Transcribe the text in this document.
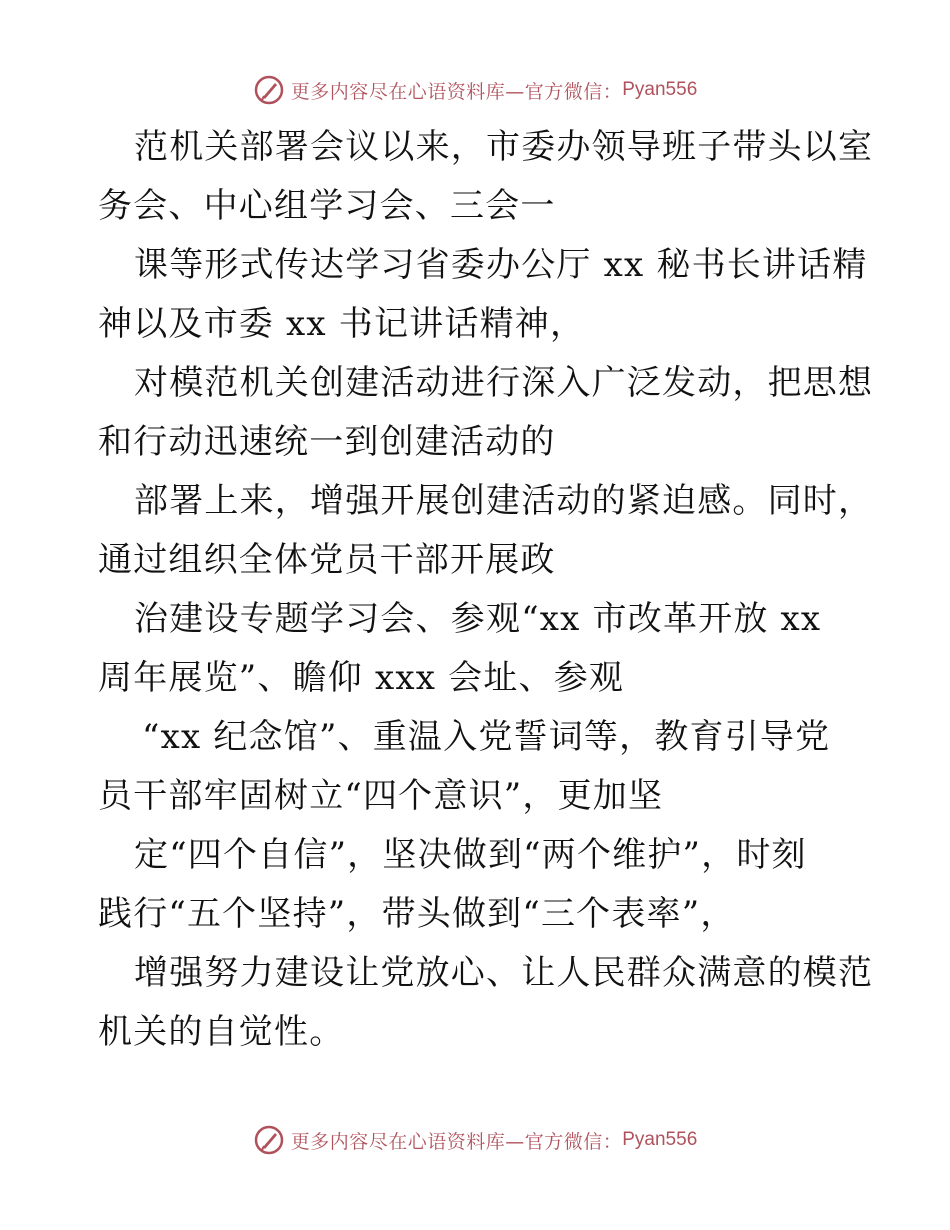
更多内容尽在心语资料库—官方微信： Pyan556
范机关部署会议以来，市委办领导班子带头以室
务会、中心组学习会、三会一
课等形式传达学习省委办公厅 xx 秘书长讲话精
神以及市委 xx 书记讲话精神，
对模范机关创建活动进行深入广泛发动，把思想
和行动迅速统一到创建活动的
部署上来，增强开展创建活动的紧迫感。同时，
通过组织全体党员干部开展政
治建设专题学习会、参观“xx 市改革开放 xx
周年展览”、瞻仰 xxx 会址、参观
“xx 纪念馆”、重温入党誓词等，教育引导党
员干部牢固树立“四个意识”，更加坚
定“四个自信”，坚决做到“两个维护”，时刻
践行“五个坚持”，带头做到“三个表率”，
增强努力建设让党放心、让人民群众满意的模范
机关的自觉性。
更多内容尽在心语资料库—官方微信： Pyan556
